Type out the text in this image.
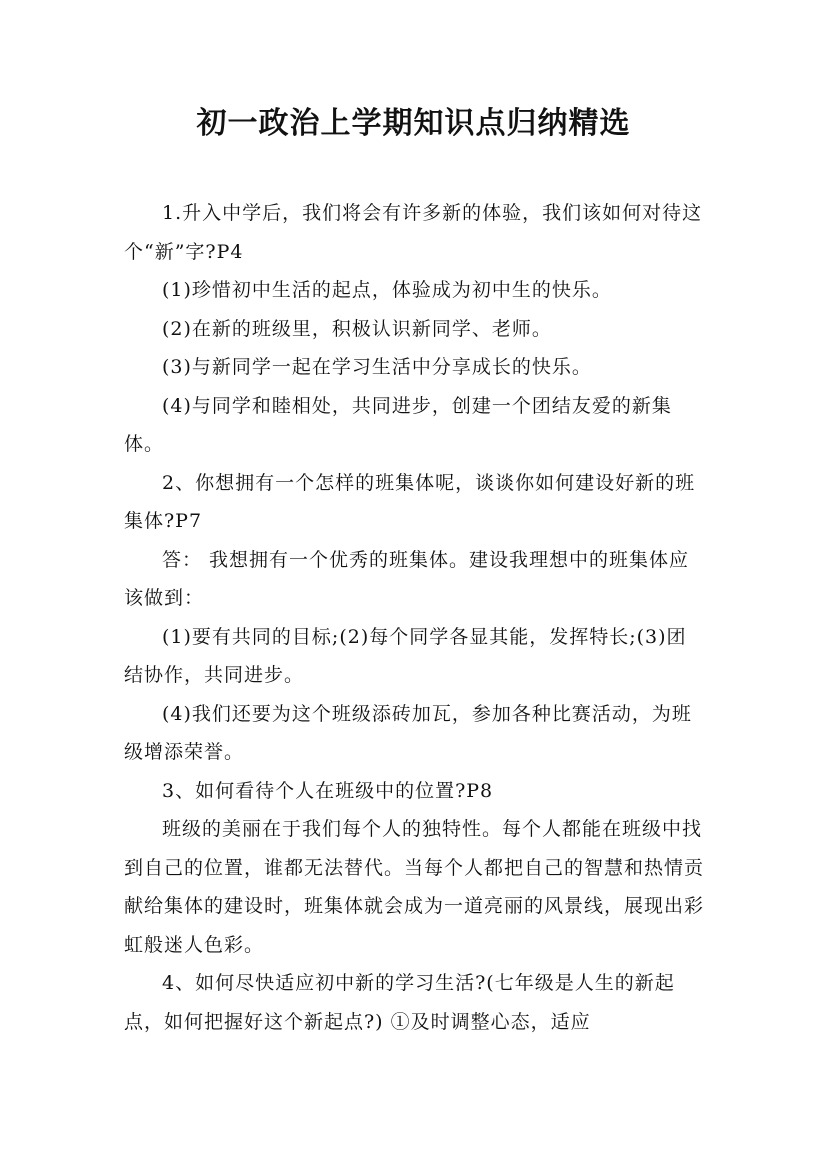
初一政治上学期知识点归纳精选

1.升入中学后，我们将会有许多新的体验，我们该如何对待这个“新”字?P4

(1)珍惜初中生活的起点，体验成为初中生的快乐。

(2)在新的班级里，积极认识新同学、老师。

(3)与新同学一起在学习生活中分享成长的快乐。

(4)与同学和睦相处，共同进步，创建一个团结友爱的新集体。

2、你想拥有一个怎样的班集体呢，谈谈你如何建设好新的班集体?P7

答： 我想拥有一个优秀的班集体。建设我理想中的班集体应该做到：

(1)要有共同的目标;(2)每个同学各显其能，发挥特长;(3)团结协作，共同进步。

(4)我们还要为这个班级添砖加瓦，参加各种比赛活动，为班级增添荣誉。

3、如何看待个人在班级中的位置?P8

班级的美丽在于我们每个人的独特性。每个人都能在班级中找到自己的位置，谁都无法替代。当每个人都把自己的智慧和热情贡献给集体的建设时，班集体就会成为一道亮丽的风景线，展现出彩虹般迷人色彩。

4、如何尽快适应初中新的学习生活?(七年级是人生的新起点，如何把握好这个新起点?) ①及时调整心态，适应
